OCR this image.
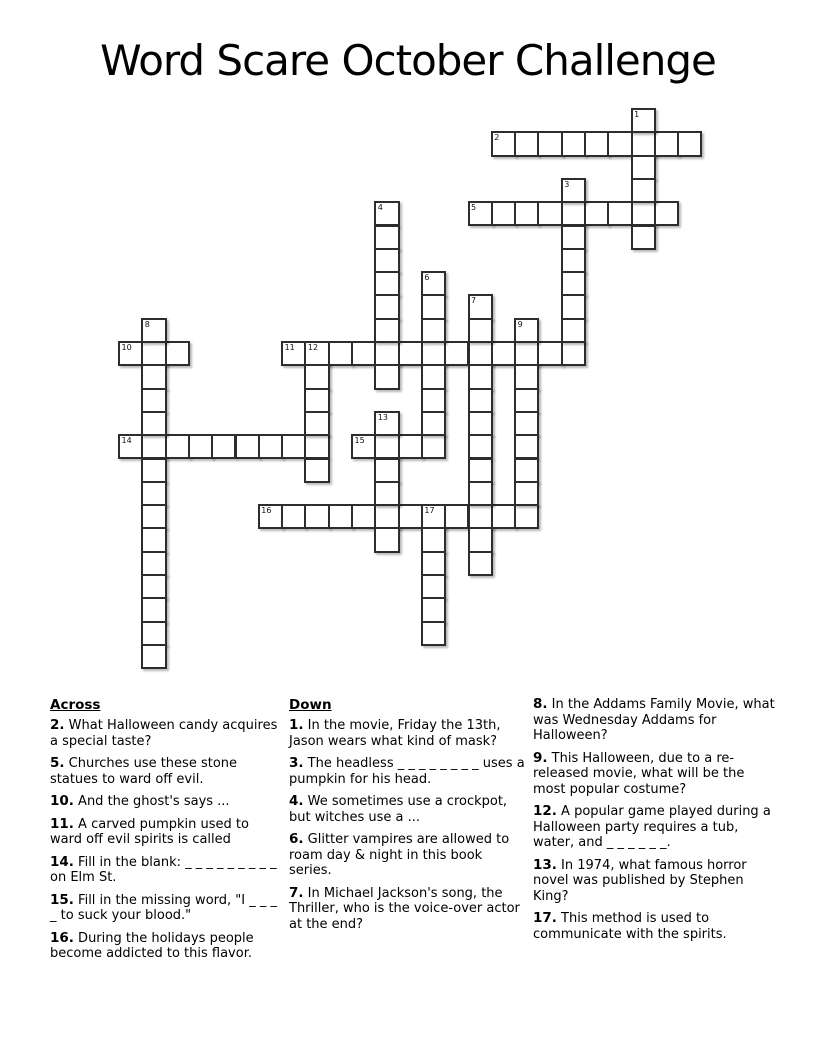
Word Scare October Challenge
2
5
10	11 12
14	15
16	17
1
3
4
6
7
8	9
13
Across

2. What Halloween candy acquires a special taste?

5. Churches use these stone statues to ward off evil.

10. And the ghost's says ...

11. A carved pumpkin used to ward off evil spirits is called

14. Fill in the blank: _ _ _ _ _ _ _ _ _ on Elm St.

15. Fill in the missing word, "I _ _ _ _ to suck your blood."

16. During the holidays people become addicted to this flavor.

Down

1. In the movie, Friday the 13th, Jason wears what kind of mask?

3. The headless _ _ _ _ _ _ _ _ uses a pumpkin for his head.

4. We sometimes use a crockpot, but witches use a ...

6. Glitter vampires are allowed to roam day & night in this book series.

7. In Michael Jackson's song, the Thriller, who is the voice-over actor at the end?

8. In the Addams Family Movie, what was Wednesday Addams for Halloween?

9. This Halloween, due to a re-released movie, what will be the most popular costume?

12. A popular game played during a Halloween party requires a tub, water, and _ _ _ _ _ _.

13. In 1974, what famous horror novel was published by Stephen King?

17. This method is used to communicate with the spirits.
